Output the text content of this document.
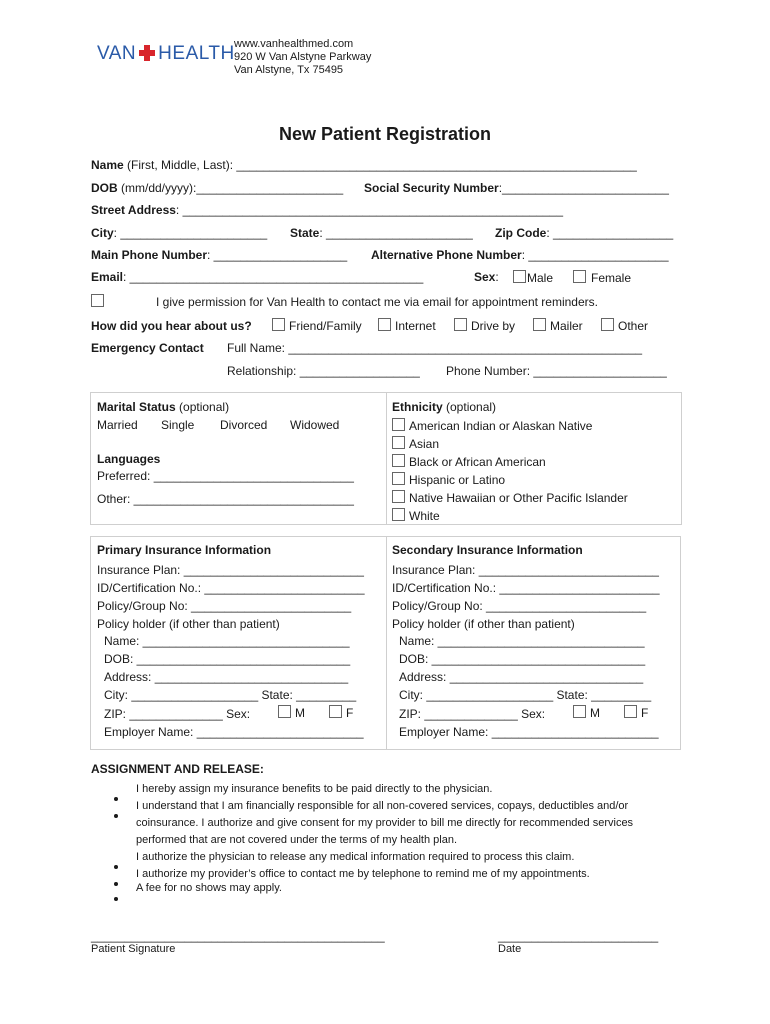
VAN HEALTH www.vanhealthmed.com
920 W Van Alstyne Parkway
Van Alstyne, Tx 75495
New Patient Registration
Name (First, Middle, Last): ____________________________________________________________
DOB (mm/dd/yyyy):______________________ Social Security Number:_________________________
Street Address: _________________________________________________________
City: ______________________ State: ______________________ Zip Code: __________________
Main Phone Number: ____________________ Alternative Phone Number: _____________________
Email: ____________________________________________	Sex:	Male	Female
I give permission for Van Health to contact me via email for appointment reminders.
How did you hear about us?	Friend/Family	Internet	Drive by	Mailer	Other
Emergency Contact Full Name: _____________________________________________________
Relationship: __________________ Phone Number: ____________________
Marital Status (optional)
Married Single Divorced Widowed
Languages
Preferred: ______________________________
Other: _________________________________
Ethnicity (optional)
American Indian or Alaskan Native
Asian
Black or African American
Hispanic or Latino
Native Hawaiian or Other Pacific Islander
White
Primary Insurance Information
Insurance Plan: ___________________________
ID/Certification No.: ________________________
Policy/Group No: ________________________
Policy holder (if other than patient)
Name: _______________________________
DOB: ________________________________
Address: _____________________________
City: ___________________ State: _________
ZIP: ______________ Sex:	M	F
Employer Name: _________________________
Secondary Insurance Information
Insurance Plan: ___________________________
ID/Certification No.: ________________________
Policy/Group No: ________________________
Policy holder (if other than patient)
Name: _______________________________
DOB: ________________________________
Address: _____________________________
City: ___________________ State: _________
ZIP: ______________ Sex:	M	F
Employer Name: _________________________
ASSIGNMENT AND RELEASE:
I hereby assign my insurance benefits to be paid directly to the physician.
I understand that I am financially responsible for all non-covered services, copays, deductibles and/or
coinsurance. I authorize and give consent for my provider to bill me directly for recommended services
performed that are not covered under the terms of my health plan.
I authorize the physician to release any medical information required to process this claim.
I authorize my provider’s office to contact me by telephone to remind me of my appointments.
A fee for no shows may apply.
____________________________________________
Patient Signature
________________________
Date
